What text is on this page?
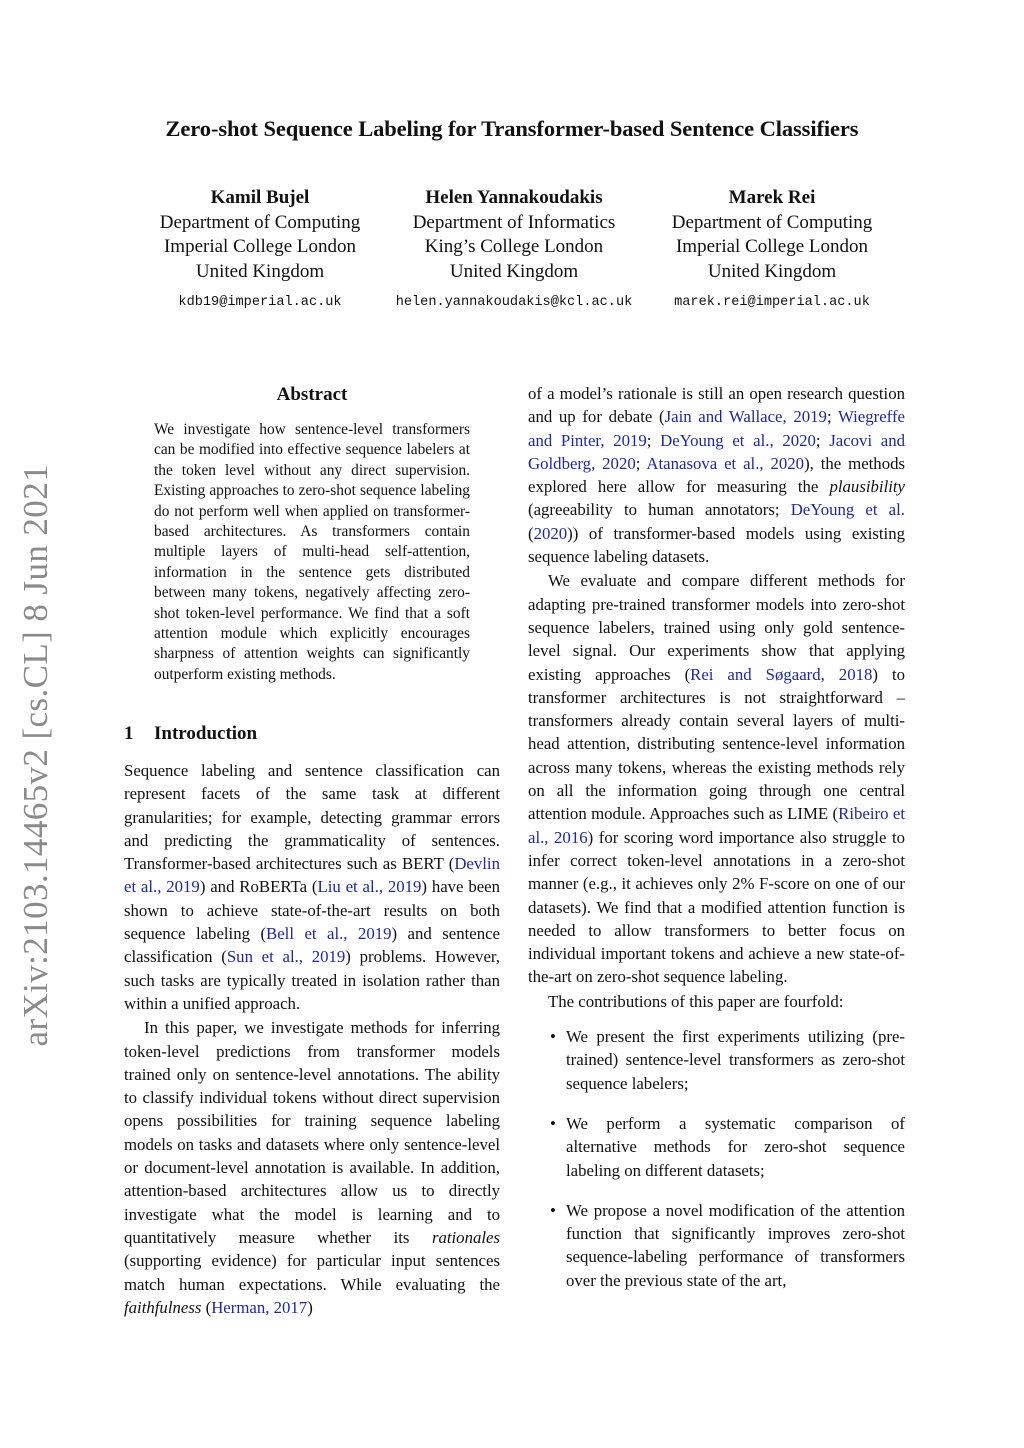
Zero-shot Sequence Labeling for Transformer-based Sentence Classifiers
Kamil Bujel
Department of Computing
Imperial College London
United Kingdom
kdb19@imperial.ac.uk
Helen Yannakoudakis
Department of Informatics
King’s College London
United Kingdom
helen.yannakoudakis@kcl.ac.uk
Marek Rei
Department of Computing
Imperial College London
United Kingdom
marek.rei@imperial.ac.uk
arXiv:2103.14465v2 [cs.CL] 8 Jun 2021
Abstract
We investigate how sentence-level transformers can be modified into effective sequence labelers at the token level without any direct supervision. Existing approaches to zero-shot sequence labeling do not perform well when applied on transformer-based architectures. As transformers contain multiple layers of multi-head self-attention, information in the sentence gets distributed between many tokens, negatively affecting zero-shot token-level performance. We find that a soft attention module which explicitly encourages sharpness of attention weights can significantly outperform existing methods.
1 Introduction

Sequence labeling and sentence classification can represent facets of the same task at different granularities; for example, detecting grammar errors and predicting the grammaticality of sentences. Transformer-based architectures such as BERT (Devlin et al., 2019) and RoBERTa (Liu et al., 2019) have been shown to achieve state-of-the-art results on both sequence labeling (Bell et al., 2019) and sentence classification (Sun et al., 2019) problems. However, such tasks are typically treated in isolation rather than within a unified approach.

In this paper, we investigate methods for inferring token-level predictions from transformer models trained only on sentence-level annotations. The ability to classify individual tokens without direct supervision opens possibilities for training sequence labeling models on tasks and datasets where only sentence-level or document-level annotation is available. In addition, attention-based architectures allow us to directly investigate what the model is learning and to quantitatively measure whether its rationales (supporting evidence) for particular input sentences match human expectations. While evaluating the faithfulness (Herman, 2017)

of a model’s rationale is still an open research question and up for debate (Jain and Wallace, 2019; Wiegreffe and Pinter, 2019; DeYoung et al., 2020; Jacovi and Goldberg, 2020; Atanasova et al., 2020), the methods explored here allow for measuring the plausibility (agreeability to human annotators; DeYoung et al. (2020)) of transformer-based models using existing sequence labeling datasets.

We evaluate and compare different methods for adapting pre-trained transformer models into zero-shot sequence labelers, trained using only gold sentence-level signal. Our experiments show that applying existing approaches (Rei and Søgaard, 2018) to transformer architectures is not straightforward – transformers already contain several layers of multi-head attention, distributing sentence-level information across many tokens, whereas the existing methods rely on all the information going through one central attention module. Approaches such as LIME (Ribeiro et al., 2016) for scoring word importance also struggle to infer correct token-level annotations in a zero-shot manner (e.g., it achieves only 2% F-score on one of our datasets). We find that a modified attention function is needed to allow transformers to better focus on individual important tokens and achieve a new state-of-the-art on zero-shot sequence labeling.

The contributions of this paper are fourfold:

• We present the first experiments utilizing (pre-trained) sentence-level transformers as zero-shot sequence labelers;
• We perform a systematic comparison of alternative methods for zero-shot sequence labeling on different datasets;
• We propose a novel modification of the attention function that significantly improves zero-shot sequence-labeling performance of transformers over the previous state of the art,
